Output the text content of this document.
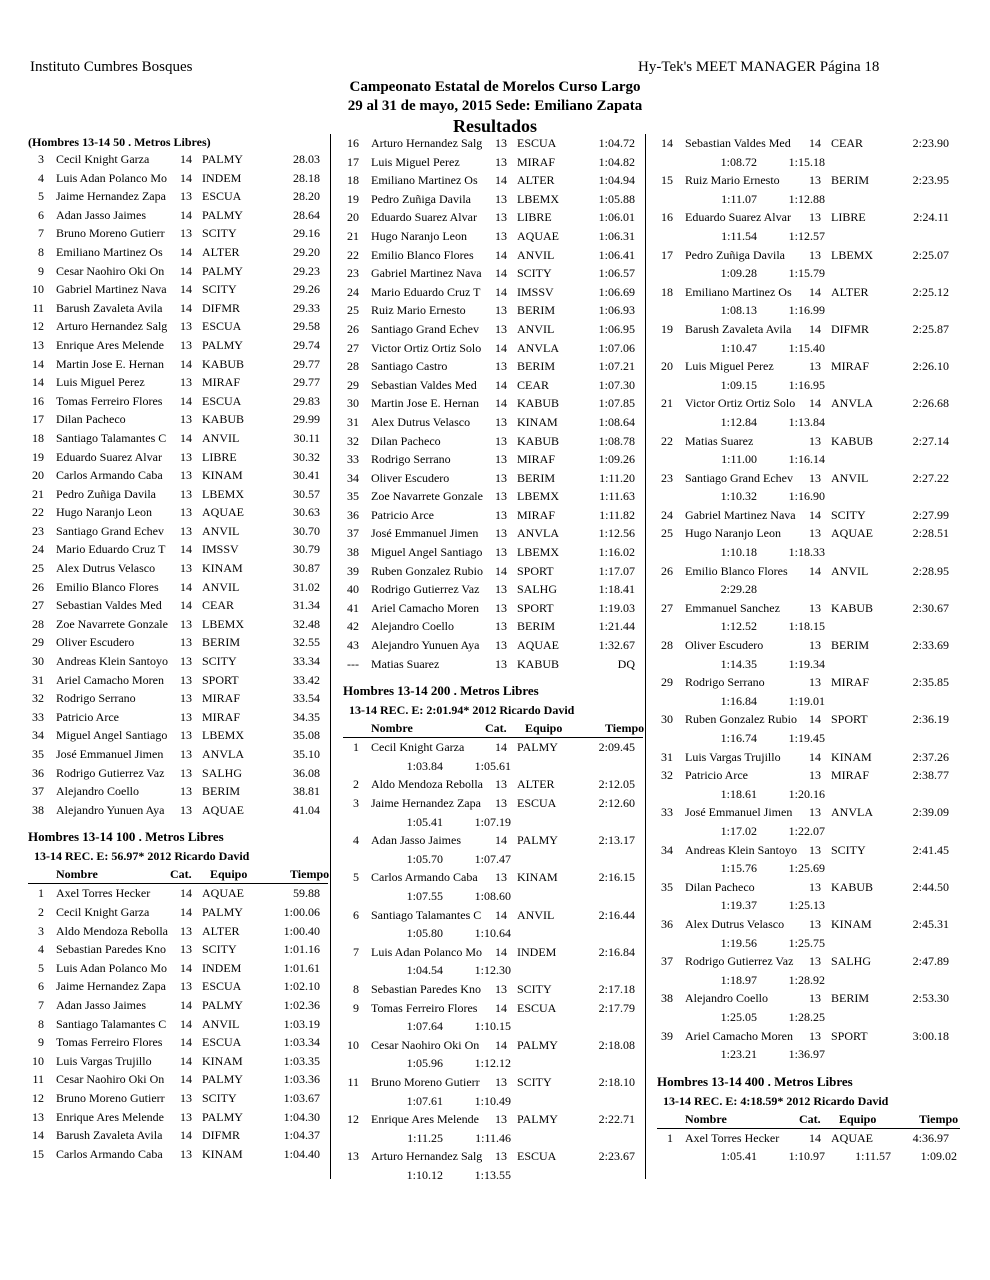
Instituto Cumbres Bosques	Hy-Tek's MEET MANAGER Página 18
Campeonato Estatal de Morelos Curso Largo
29 al 31 de mayo, 2015 Sede: Emiliano Zapata
Resultados
(Hombres 13-14 50 . Metros Libres)
3 Cecil Knight Garza	14 PALMY	28.03
4 Luis Adan Polanco Mo	14 INDEM	28.18
5 Jaime Hernandez Zapa	13 ESCUA	28.20
6 Adan Jasso Jaimes	14 PALMY	28.64
7 Bruno Moreno Gutierr	13 SCITY	29.16
8 Emiliano Martinez Os	14 ALTER	29.20
9 Cesar Naohiro Oki On	14 PALMY	29.23
10 Gabriel Martinez Nava	14 SCITY	29.26
11 Barush Zavaleta Avila	14 DIFMR	29.33
12 Arturo Hernandez Salg	13 ESCUA	29.58
13 Enrique Ares Melende	13 PALMY	29.74
14 Martin Jose E. Hernan	14 KABUB	29.77
14 Luis Miguel Perez	13 MIRAF	29.77
16 Tomas Ferreiro Flores	14 ESCUA	29.83
17 Dilan Pacheco	13 KABUB	29.99
18 Santiago Talamantes C	14 ANVIL	30.11
19 Eduardo Suarez Alvar	13 LIBRE	30.32
20 Carlos Armando Caba	13 KINAM	30.41
21 Pedro Zuñiga Davila	13 LBEMX	30.57
22 Hugo Naranjo Leon	13 AQUAE	30.63
23 Santiago Grand Echev	13 ANVIL	30.70
24 Mario Eduardo Cruz T	14 IMSSV	30.79
25 Alex Dutrus Velasco	13 KINAM	30.87
26 Emilio Blanco Flores	14 ANVIL	31.02
27 Sebastian Valdes Med	14 CEAR	31.34
28 Zoe Navarrete Gonzale	13 LBEMX	32.48
29 Oliver Escudero	13 BERIM	32.55
30 Andreas Klein Santoyo	13 SCITY	33.34
31 Ariel Camacho Moren	13 SPORT	33.42
32 Rodrigo Serrano	13 MIRAF	33.54
33 Patricio Arce	13 MIRAF	34.35
34 Miguel Angel Santiago	13 LBEMX	35.08
35 José Emmanuel Jimen	13 ANVLA	35.10
36 Rodrigo Gutierrez Vaz	13 SALHG	36.08
37 Alejandro Coello	13 BERIM	38.81
38 Alejandro Yunuen Aya	13 AQUAE	41.04
Hombres 13-14 100 . Metros Libres
13-14 REC. E: 56.97* 2012 Ricardo David
Nombre	Cat. Equipo	Tiempo
1 Axel Torres Hecker	14 AQUAE	59.88
2 Cecil Knight Garza	14 PALMY	1:00.06
3 Aldo Mendoza Rebolla	13 ALTER	1:00.40
4 Sebastian Paredes Kno	13 SCITY	1:01.16
5 Luis Adan Polanco Mo	14 INDEM	1:01.61
6 Jaime Hernandez Zapa	13 ESCUA	1:02.10
7 Adan Jasso Jaimes	14 PALMY	1:02.36
8 Santiago Talamantes C	14 ANVIL	1:03.19
9 Tomas Ferreiro Flores	14 ESCUA	1:03.34
10 Luis Vargas Trujillo	14 KINAM	1:03.35
11 Cesar Naohiro Oki On	14 PALMY	1:03.36
12 Bruno Moreno Gutierr	13 SCITY	1:03.67
13 Enrique Ares Melende	13 PALMY	1:04.30
14 Barush Zavaleta Avila	14 DIFMR	1:04.37
15 Carlos Armando Caba	13 KINAM	1:04.40
16 Arturo Hernandez Salg	13 ESCUA	1:04.72
17 Luis Miguel Perez	13 MIRAF	1:04.82
18 Emiliano Martinez Os	14 ALTER	1:04.94
19 Pedro Zuñiga Davila	13 LBEMX	1:05.88
20 Eduardo Suarez Alvar	13 LIBRE	1:06.01
21 Hugo Naranjo Leon	13 AQUAE	1:06.31
22 Emilio Blanco Flores	14 ANVIL	1:06.41
23 Gabriel Martinez Nava	14 SCITY	1:06.57
24 Mario Eduardo Cruz T	14 IMSSV	1:06.69
25 Ruiz Mario Ernesto	13 BERIM	1:06.93
26 Santiago Grand Echev	13 ANVIL	1:06.95
27 Victor Ortiz Ortiz Solo	14 ANVLA	1:07.06
28 Santiago Castro	13 BERIM	1:07.21
29 Sebastian Valdes Med	14 CEAR	1:07.30
30 Martin Jose E. Hernan	14 KABUB	1:07.85
31 Alex Dutrus Velasco	13 KINAM	1:08.64
32 Dilan Pacheco	13 KABUB	1:08.78
33 Rodrigo Serrano	13 MIRAF	1:09.26
34 Oliver Escudero	13 BERIM	1:11.20
35 Zoe Navarrete Gonzale	13 LBEMX	1:11.63
36 Patricio Arce	13 MIRAF	1:11.82
37 José Emmanuel Jimen	13 ANVLA	1:12.56
38 Miguel Angel Santiago	13 LBEMX	1:16.02
39 Ruben Gonzalez Rubio	14 SPORT	1:17.07
40 Rodrigo Gutierrez Vaz	13 SALHG	1:18.41
41 Ariel Camacho Moren	13 SPORT	1:19.03
42 Alejandro Coello	13 BERIM	1:21.44
43 Alejandro Yunuen Aya	13 AQUAE	1:32.67
--- Matias Suarez	13 KABUB	DQ
Hombres 13-14 200 . Metros Libres
13-14 REC. E: 2:01.94* 2012 Ricardo David
Nombre	Cat. Equipo	Tiempo
1 Cecil Knight Garza	14 PALMY	2:09.45
1:03.84	1:05.61
2 Aldo Mendoza Rebolla	13 ALTER	2:12.05
3 Jaime Hernandez Zapa	13 ESCUA	2:12.60
1:05.41	1:07.19
4 Adan Jasso Jaimes	14 PALMY	2:13.17
1:05.70	1:07.47
5 Carlos Armando Caba	13 KINAM	2:16.15
1:07.55	1:08.60
6 Santiago Talamantes C	14 ANVIL	2:16.44
1:05.80	1:10.64
7 Luis Adan Polanco Mo	14 INDEM	2:16.84
1:04.54	1:12.30
8 Sebastian Paredes Kno	13 SCITY	2:17.18
9 Tomas Ferreiro Flores	14 ESCUA	2:17.79
1:07.64	1:10.15
10 Cesar Naohiro Oki On	14 PALMY	2:18.08
1:05.96	1:12.12
11 Bruno Moreno Gutierr	13 SCITY	2:18.10
1:07.61	1:10.49
12 Enrique Ares Melende	13 PALMY	2:22.71
1:11.25	1:11.46
13 Arturo Hernandez Salg	13 ESCUA	2:23.67
1:10.12	1:13.55
14 Sebastian Valdes Med	14 CEAR	2:23.90
1:08.72	1:15.18
15 Ruiz Mario Ernesto	13 BERIM	2:23.95
1:11.07	1:12.88
16 Eduardo Suarez Alvar	13 LIBRE	2:24.11
1:11.54	1:12.57
17 Pedro Zuñiga Davila	13 LBEMX	2:25.07
1:09.28	1:15.79
18 Emiliano Martinez Os	14 ALTER	2:25.12
1:08.13	1:16.99
19 Barush Zavaleta Avila	14 DIFMR	2:25.87
1:10.47	1:15.40
20 Luis Miguel Perez	13 MIRAF	2:26.10
1:09.15	1:16.95
21 Victor Ortiz Ortiz Solo	14 ANVLA	2:26.68
1:12.84	1:13.84
22 Matias Suarez	13 KABUB	2:27.14
1:11.00	1:16.14
23 Santiago Grand Echev	13 ANVIL	2:27.22
1:10.32	1:16.90
24 Gabriel Martinez Nava	14 SCITY	2:27.99
25 Hugo Naranjo Leon	13 AQUAE	2:28.51
1:10.18	1:18.33
26 Emilio Blanco Flores	14 ANVIL	2:28.95
2:29.28
27 Emmanuel Sanchez	13 KABUB	2:30.67
1:12.52	1:18.15
28 Oliver Escudero	13 BERIM	2:33.69
1:14.35	1:19.34
29 Rodrigo Serrano	13 MIRAF	2:35.85
1:16.84	1:19.01
30 Ruben Gonzalez Rubio	14 SPORT	2:36.19
1:16.74	1:19.45
31 Luis Vargas Trujillo	14 KINAM	2:37.26
32 Patricio Arce	13 MIRAF	2:38.77
1:18.61	1:20.16
33 José Emmanuel Jimen	13 ANVLA	2:39.09
1:17.02	1:22.07
34 Andreas Klein Santoyo	13 SCITY	2:41.45
1:15.76	1:25.69
35 Dilan Pacheco	13 KABUB	2:44.50
1:19.37	1:25.13
36 Alex Dutrus Velasco	13 KINAM	2:45.31
1:19.56	1:25.75
37 Rodrigo Gutierrez Vaz	13 SALHG	2:47.89
1:18.97	1:28.92
38 Alejandro Coello	13 BERIM	2:53.30
1:25.05	1:28.25
39 Ariel Camacho Moren	13 SPORT	3:00.18
1:23.21	1:36.97
Hombres 13-14 400 . Metros Libres
13-14 REC. E: 4:18.59* 2012 Ricardo David
Nombre	Cat. Equipo	Tiempo
1 Axel Torres Hecker	14 AQUAE	4:36.97
1:05.41	1:10.97	1:11.57	1:09.02
